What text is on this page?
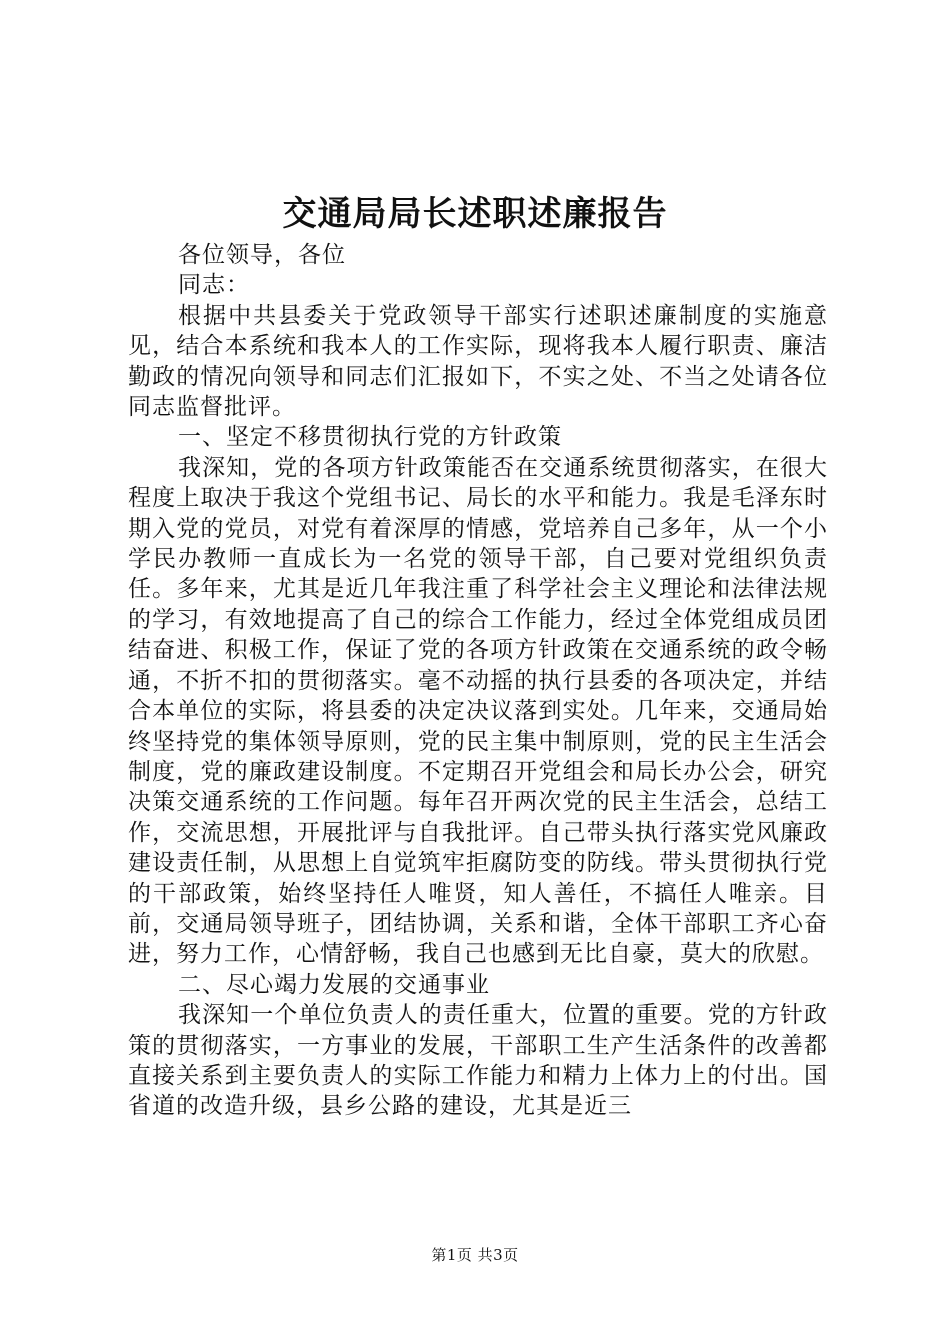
交通局局长述职述廉报告

各位领导，各位

同志：

根据中共县委关于党政领导干部实行述职述廉制度的实施意见，结合本系统和我本人的工作实际，现将我本人履行职责、廉洁勤政的情况向领导和同志们汇报如下，不实之处、不当之处请各位同志监督批评。

一、坚定不移贯彻执行党的方针政策

我深知，党的各项方针政策能否在交通系统贯彻落实，在很大程度上取决于我这个党组书记、局长的水平和能力。我是毛泽东时期入党的党员，对党有着深厚的情感，党培养自己多年，从一个小学民办教师一直成长为一名党的领导干部，自己要对党组织负责任。多年来，尤其是近几年我注重了科学社会主义理论和法律法规的学习，有效地提高了自己的综合工作能力，经过全体党组成员团结奋进、积极工作，保证了党的各项方针政策在交通系统的政令畅通，不折不扣的贯彻落实。毫不动摇的执行县委的各项决定，并结合本单位的实际，将县委的决定决议落到实处。几年来，交通局始终坚持党的集体领导原则，党的民主集中制原则，党的民主生活会制度，党的廉政建设制度。不定期召开党组会和局长办公会，研究决策交通系统的工作问题。每年召开两次党的民主生活会，总结工作，交流思想，开展批评与自我批评。自己带头执行落实党风廉政建设责任制，从思想上自觉筑牢拒腐防变的防线。带头贯彻执行党的干部政策，始终坚持任人唯贤，知人善任，不搞任人唯亲。目前，交通局领导班子，团结协调，关系和谐，全体干部职工齐心奋进，努力工作，心情舒畅，我自己也感到无比自豪，莫大的欣慰。

二、尽心竭力发展的交通事业

我深知一个单位负责人的责任重大，位置的重要。党的方针政策的贯彻落实，一方事业的发展，干部职工生产生活条件的改善都直接关系到主要负责人的实际工作能力和精力上体力上的付出。国省道的改造升级，县乡公路的建设，尤其是近三

第1页 共3页
